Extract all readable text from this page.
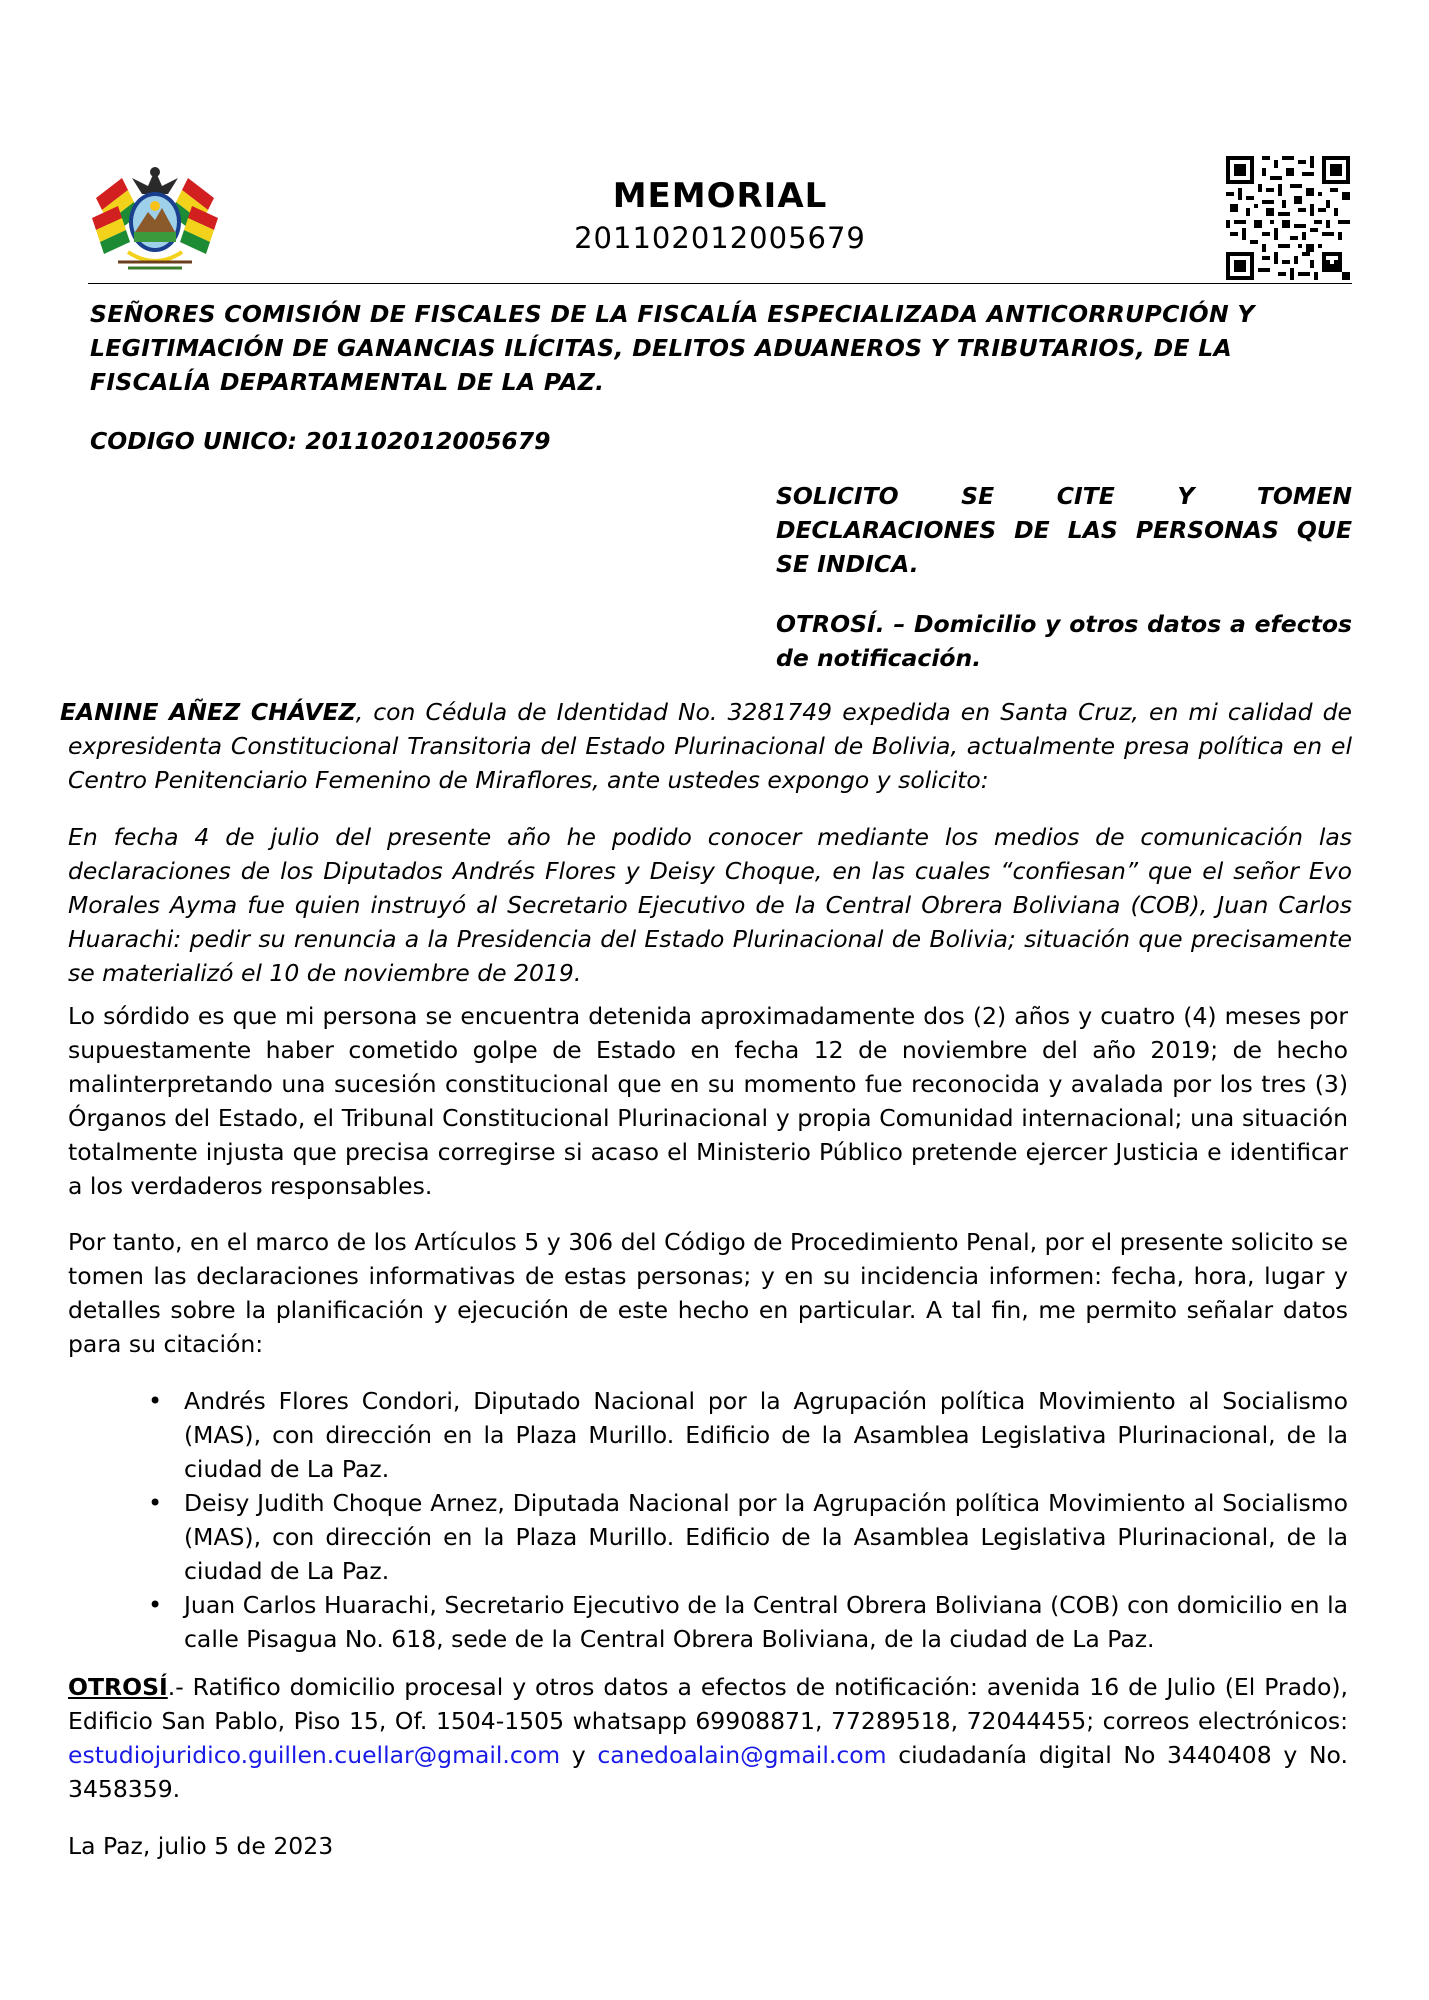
MEMORIAL
201102012005679
SEÑORES COMISIÓN DE FISCALES DE LA FISCALÍA ESPECIALIZADA ANTICORRUPCIÓN Y LEGITIMACIÓN DE GANANCIAS ILÍCITAS, DELITOS ADUANEROS Y TRIBUTARIOS, DE LA FISCALÍA DEPARTAMENTAL DE LA PAZ.
CODIGO UNICO: 201102012005679
SOLICITO SE CITE Y TOMEN
DECLARACIONES DE LAS PERSONAS QUE SE INDICA.
OTROSÍ. – Domicilio y otros datos a efectos de notificación.
EANINE AÑEZ CHÁVEZ, con Cédula de Identidad No. 3281749 expedida en Santa Cruz, en mi calidad de expresidenta Constitucional Transitoria del Estado Plurinacional de Bolivia, actualmente presa política en el Centro Penitenciario Femenino de Miraflores, ante ustedes expongo y solicito:
En fecha 4 de julio del presente año he podido conocer mediante los medios de comunicación las declaraciones de los Diputados Andrés Flores y Deisy Choque, en las cuales “confiesan” que el señor Evo Morales Ayma fue quien instruyó al Secretario Ejecutivo de la Central Obrera Boliviana (COB), Juan Carlos Huarachi: pedir su renuncia a la Presidencia del Estado Plurinacional de Bolivia; situación que precisamente se materializó el 10 de noviembre de 2019.
Lo sórdido es que mi persona se encuentra detenida aproximadamente dos (2) años y cuatro (4) meses por supuestamente haber cometido golpe de Estado en fecha 12 de noviembre del año 2019; de hecho malinterpretando una sucesión constitucional que en su momento fue reconocida y avalada por los tres (3) Órganos del Estado, el Tribunal Constitucional Plurinacional y propia Comunidad internacional; una situación totalmente injusta que precisa corregirse si acaso el Ministerio Público pretende ejercer Justicia e identificar a los verdaderos responsables.
Por tanto, en el marco de los Artículos 5 y 306 del Código de Procedimiento Penal, por el presente solicito se tomen las declaraciones informativas de estas personas; y en su incidencia informen: fecha, hora, lugar y detalles sobre la planificación y ejecución de este hecho en particular. A tal fin, me permito señalar datos para su citación:
• Andrés Flores Condori, Diputado Nacional por la Agrupación política Movimiento al Socialismo (MAS), con dirección en la Plaza Murillo. Edificio de la Asamblea Legislativa Plurinacional, de la ciudad de La Paz.
• Deisy Judith Choque Arnez, Diputada Nacional por la Agrupación política Movimiento al Socialismo (MAS), con dirección en la Plaza Murillo. Edificio de la Asamblea Legislativa Plurinacional, de la ciudad de La Paz.
• Juan Carlos Huarachi, Secretario Ejecutivo de la Central Obrera Boliviana (COB) con domicilio en la calle Pisagua No. 618, sede de la Central Obrera Boliviana, de la ciudad de La Paz.
OTROSÍ.- Ratifico domicilio procesal y otros datos a efectos de notificación: avenida 16 de Julio (El Prado), Edificio San Pablo, Piso 15, Of. 1504-1505 whatsapp 69908871, 77289518, 72044455; correos electrónicos: estudiojuridico.guillen.cuellar@gmail.com y canedoalain@gmail.com ciudadanía digital No 3440408 y No. 3458359.
La Paz, julio 5 de 2023
